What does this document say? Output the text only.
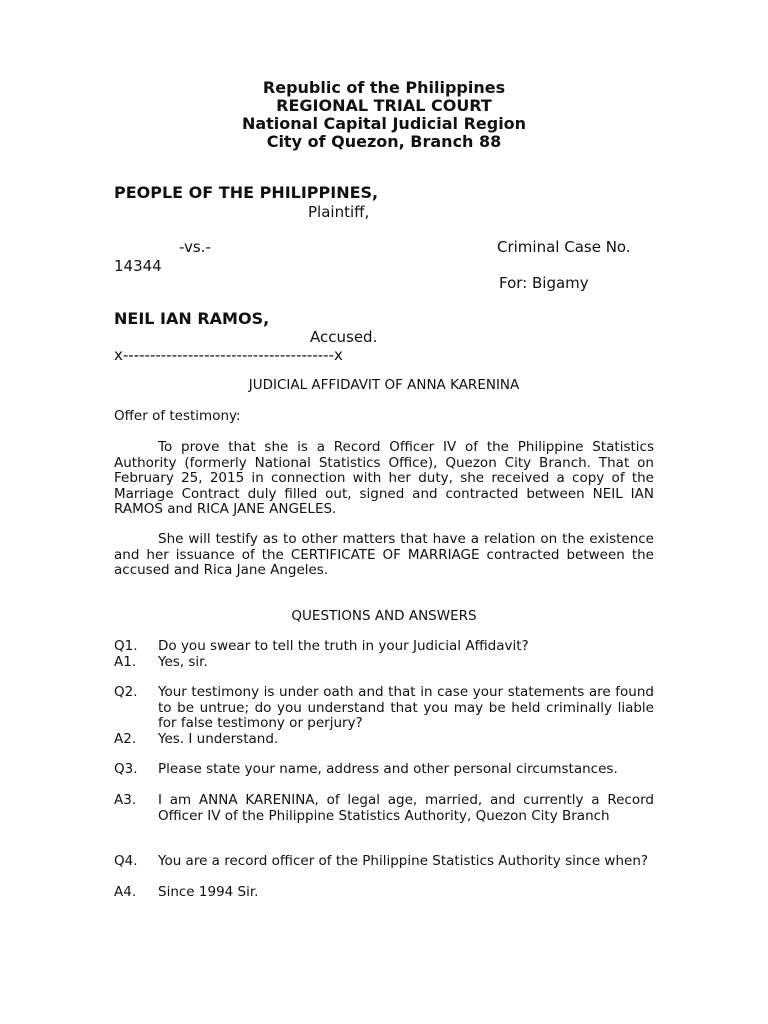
Republic of the Philippines
REGIONAL TRIAL COURT
National Capital Judicial Region
City of Quezon, Branch 88
PEOPLE OF THE PHILIPPINES,
Plaintiff,
-vs.-	Criminal Case No.
14344
For: Bigamy
NEIL IAN RAMOS,
Accused.
x---------------------------------------x
JUDICIAL AFFIDAVIT OF ANNA KARENINA
Offer of testimony:
To prove that she is a Record Officer IV of the Philippine Statistics Authority (formerly National Statistics Office), Quezon City Branch. That on February 25, 2015 in connection with her duty, she received a copy of the Marriage Contract duly filled out, signed and contracted between NEIL IAN RAMOS and RICA JANE ANGELES.
She will testify as to other matters that have a relation on the existence and her issuance of the CERTIFICATE OF MARRIAGE contracted between the accused and Rica Jane Angeles.
QUESTIONS AND ANSWERS
Q1.	Do you swear to tell the truth in your Judicial Affidavit?
A1.	Yes, sir.
Q2.	Your testimony is under oath and that in case your statements are found to be untrue; do you understand that you may be held criminally liable for false testimony or perjury?
A2.	Yes. I understand.
Q3.	Please state your name, address and other personal circumstances.
A3.	I am ANNA KARENINA, of legal age, married, and currently a Record Officer IV of the Philippine Statistics Authority, Quezon City Branch
Q4.	You are a record officer of the Philippine Statistics Authority since when?
A4.	Since 1994 Sir.
